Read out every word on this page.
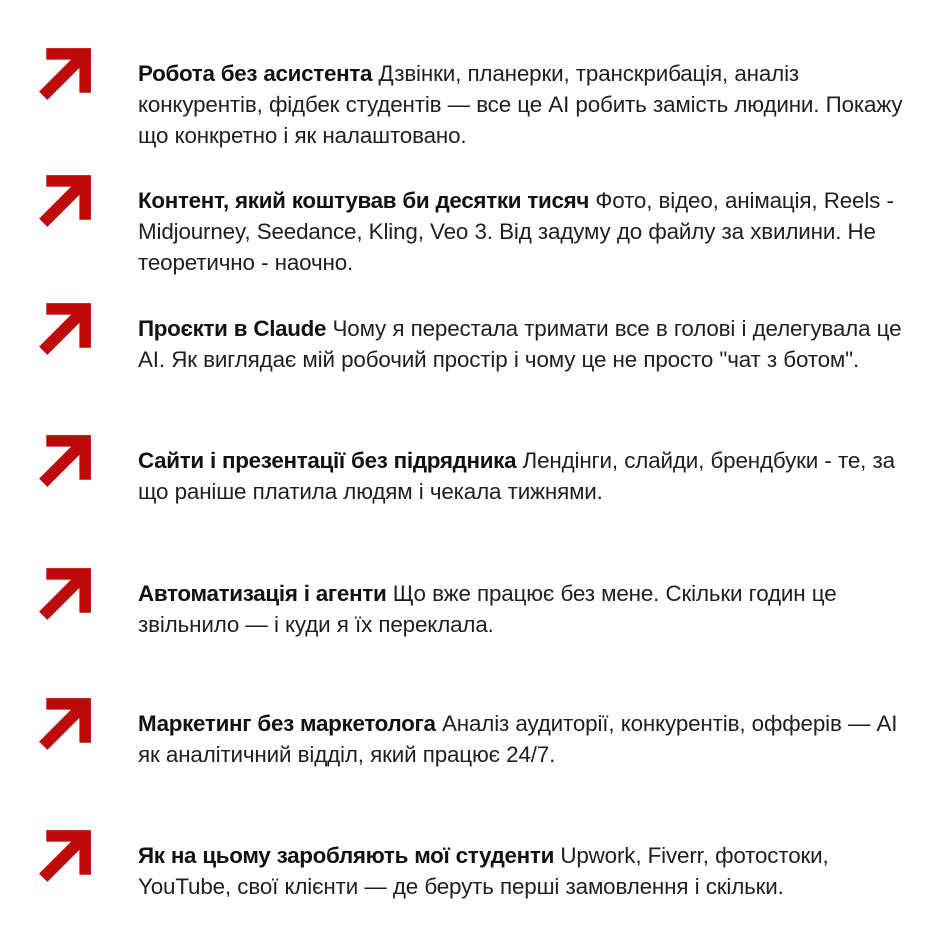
Робота без асистента Дзвінки, планерки, транскрибація, аналіз конкурентів, фідбек студентів — все це AI робить замість людини. Покажу що конкретно і як налаштовано.

Контент, який коштував би десятки тисяч Фото, відео, анімація, Reels - Midjourney, Seedance, Kling, Veo 3. Від задуму до файлу за хвилини. Не теоретично - наочно.

Проєкти в Claude Чому я перестала тримати все в голові і делегувала це AI. Як виглядає мій робочий простір і чому це не просто "чат з ботом".

Сайти і презентації без підрядника Лендінги, слайди, брендбуки - те, за що раніше платила людям і чекала тижнями.

Автоматизація і агенти Що вже працює без мене. Скільки годин це звільнило — і куди я їх переклала.

Маркетинг без маркетолога Аналіз аудиторії, конкурентів, офферів — AI як аналітичний відділ, який працює 24/7.

Як на цьому заробляють мої студенти Upwork, Fiverr, фотостоки, YouTube, свої клієнти — де беруть перші замовлення і скільки.
